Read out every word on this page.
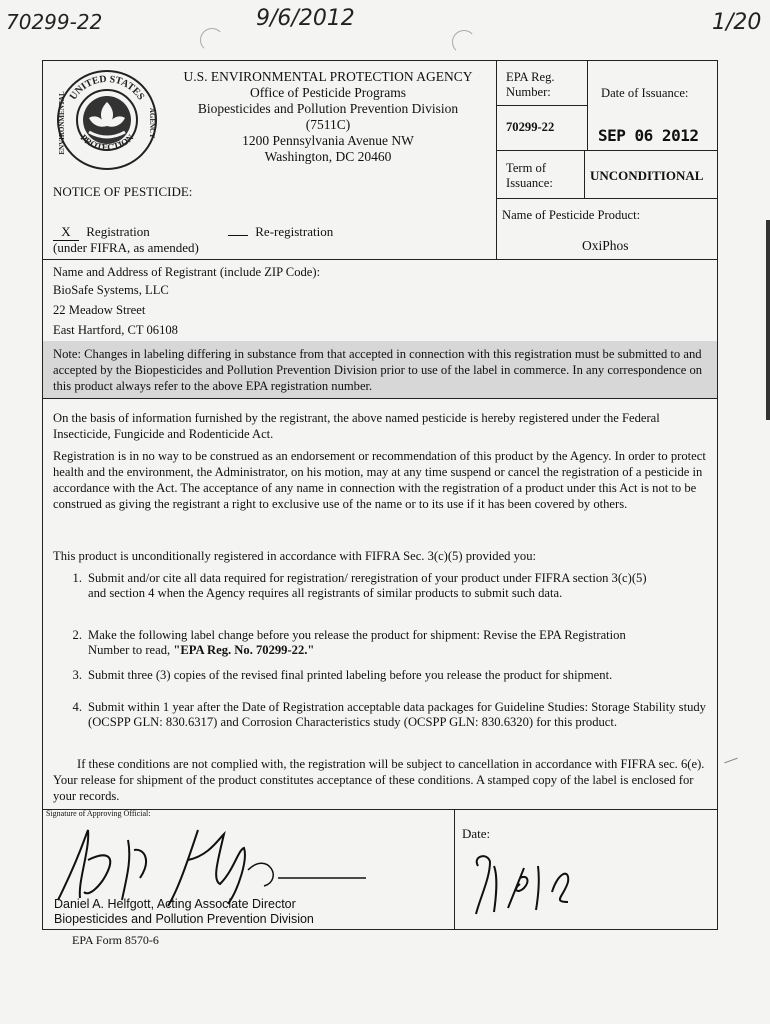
70299-22	9/6/2012	1/20
UNITED STATES
PROTECTION
ENVIRONMENTAL	AGENCY
U.S. ENVIRONMENTAL PROTECTION AGENCY
Office of Pesticide Programs
Biopesticides and Pollution Prevention Division
(7511C)
1200 Pennsylvania Avenue NW
Washington, DC 20460
NOTICE OF PESTICIDE:
X Registration	Re-registration
(under FIFRA, as amended)
EPA Reg. Number:	Date of Issuance:
70299-22	SEP 06 2012
Term of Issuance:	UNCONDITIONAL
Name of Pesticide Product:
OxiPhos
Name and Address of Registrant (include ZIP Code):
BioSafe Systems, LLC
22 Meadow Street
East Hartford, CT 06108
Note: Changes in labeling differing in substance from that accepted in connection with this registration must be submitted to and accepted by the Biopesticides and Pollution Prevention Division prior to use of the label in commerce. In any correspondence on this product always refer to the above EPA registration number.
On the basis of information furnished by the registrant, the above named pesticide is hereby registered under the Federal Insecticide, Fungicide and Rodenticide Act.
Registration is in no way to be construed as an endorsement or recommendation of this product by the Agency. In order to protect health and the environment, the Administrator, on his motion, may at any time suspend or cancel the registration of a pesticide in accordance with the Act. The acceptance of any name in connection with the registration of a product under this Act is not to be construed as giving the registrant a right to exclusive use of the name or to its use if it has been covered by others.
This product is unconditionally registered in accordance with FIFRA Sec. 3(c)(5) provided you:
1. Submit and/or cite all data required for registration/ reregistration of your product under FIFRA section 3(c)(5) and section 4 when the Agency requires all registrants of similar products to submit such data.
2. Make the following label change before you release the product for shipment: Revise the EPA Registration Number to read, "EPA Reg. No. 70299-22."
3. Submit three (3) copies of the revised final printed labeling before you release the product for shipment.
4. Submit within 1 year after the Date of Registration acceptable data packages for Guideline Studies: Storage Stability study (OCSPP GLN: 830.6317) and Corrosion Characteristics study (OCSPP GLN: 830.6320) for this product.
If these conditions are not complied with, the registration will be subject to cancellation in accordance with FIFRA sec. 6(e). Your release for shipment of the product constitutes acceptance of these conditions. A stamped copy of the label is enclosed for your records.
Signature of Approving Official:
Date:
Daniel A. Helfgott, Acting Associate Director
Biopesticides and Pollution Prevention Division
EPA Form 8570-6
